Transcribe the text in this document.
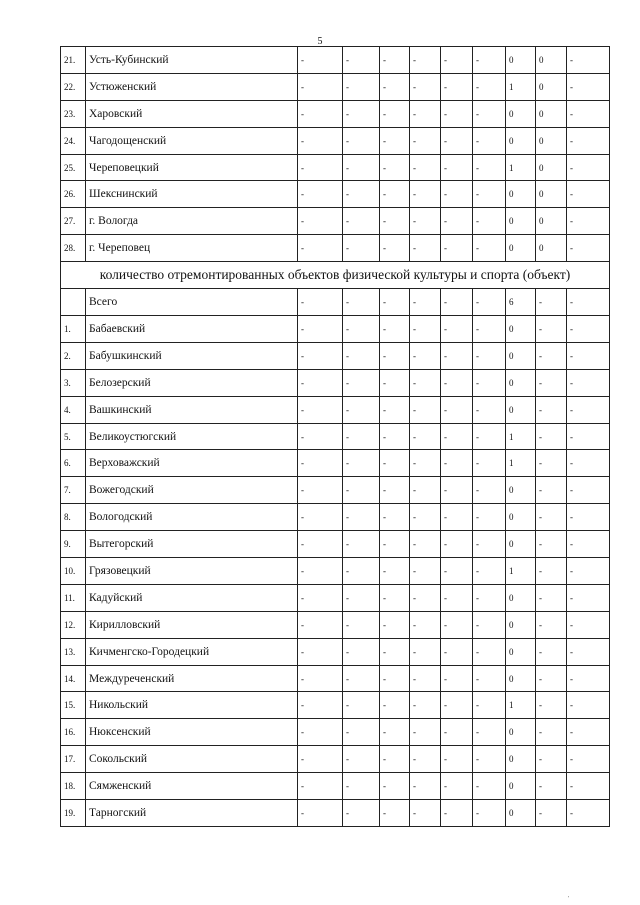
5
21.	Усть-Кубинский	-	-	-	-	-	-	0	0	-
22.	Устюженский	-	-	-	-	-	-	1	0	-
23.	Харовский	-	-	-	-	-	-	0	0	-
24.	Чагодощенский	-	-	-	-	-	-	0	0	-
25.	Череповецкий	-	-	-	-	-	-	1	0	-
26.	Шекснинский	-	-	-	-	-	-	0	0	-
27.	г. Вологда	-	-	-	-	-	-	0	0	-
28.	г. Череповец	-	-	-	-	-	-	0	0	-
количество отремонтированных объектов физической культуры и спорта (объект)										
	Всего	-	-	-	-	-	-	6	-	-
1.	Бабаевский	-	-	-	-	-	-	0	-	-
2.	Бабушкинский	-	-	-	-	-	-	0	-	-
3.	Белозерский	-	-	-	-	-	-	0	-	-
4.	Вашкинский	-	-	-	-	-	-	0	-	-
5.	Великоустюгский	-	-	-	-	-	-	1	-	-
6.	Верховажский	-	-	-	-	-	-	1	-	-
7.	Вожегодский	-	-	-	-	-	-	0	-	-
8.	Вологодский	-	-	-	-	-	-	0	-	-
9.	Вытегорский	-	-	-	-	-	-	0	-	-
10.	Грязовецкий	-	-	-	-	-	-	1	-	-
11.	Кадуйский	-	-	-	-	-	-	0	-	-
12.	Кирилловский	-	-	-	-	-	-	0	-	-
13.	Кичменгско-Городецкий	-	-	-	-	-	-	0	-	-
14.	Междуреченский	-	-	-	-	-	-	0	-	-
15.	Никольский	-	-	-	-	-	-	1	-	-
16.	Нюксенский	-	-	-	-	-	-	0	-	-
17.	Сокольский	-	-	-	-	-	-	0	-	-
18.	Сямженский	-	-	-	-	-	-	0	-	-
19.	Тарногский	-	-	-	-	-	-	0	-	-
'
